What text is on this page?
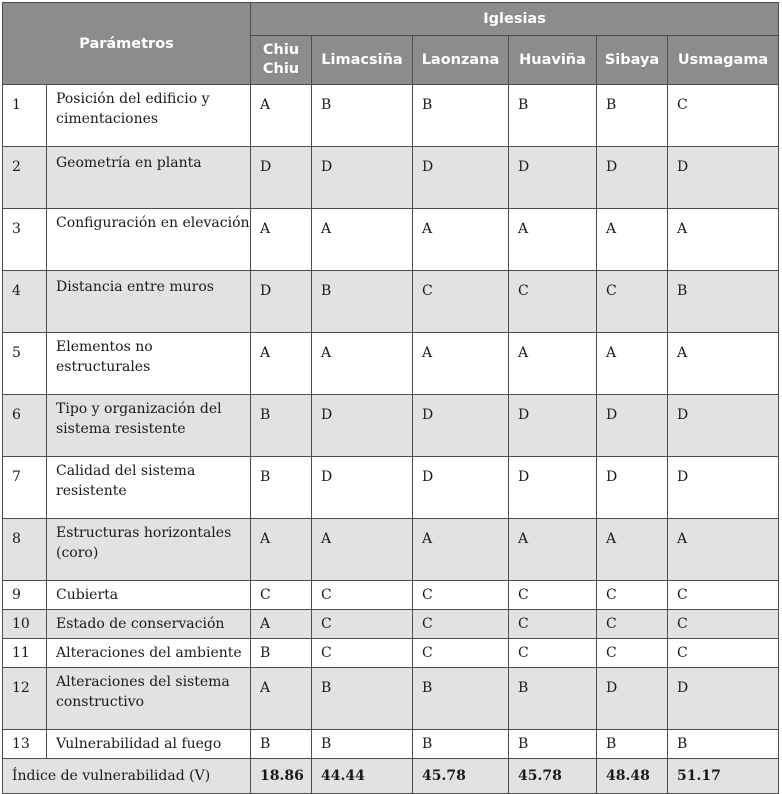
Parámetros		Iglesias					
		Chiu Chiu	Limacsiña	Laonzana	Huaviña	Sibaya	Usmagama
1	Posición del edificio y cimentaciones	A	B	B	B	B	C
2	Geometría en planta	D	D	D	D	D	D
3	Configuración en elevación	A	A	A	A	A	A
4	Distancia entre muros	D	B	C	C	C	B
5	Elementos no estructurales	A	A	A	A	A	A
6	Tipo y organización del sistema resistente	B	D	D	D	D	D
7	Calidad del sistema resistente	B	D	D	D	D	D
8	Estructuras horizontales (coro)	A	A	A	A	A	A
9	Cubierta	C	C	C	C	C	C
10	Estado de conservación	A	C	C	C	C	C
11	Alteraciones del ambiente	B	C	C	C	C	C
12	Alteraciones del sistema constructivo	A	B	B	B	D	D
13	Vulnerabilidad al fuego	B	B	B	B	B	B
Índice de vulnerabilidad (V)		18.86	44.44	45.78	45.78	48.48	51.17
